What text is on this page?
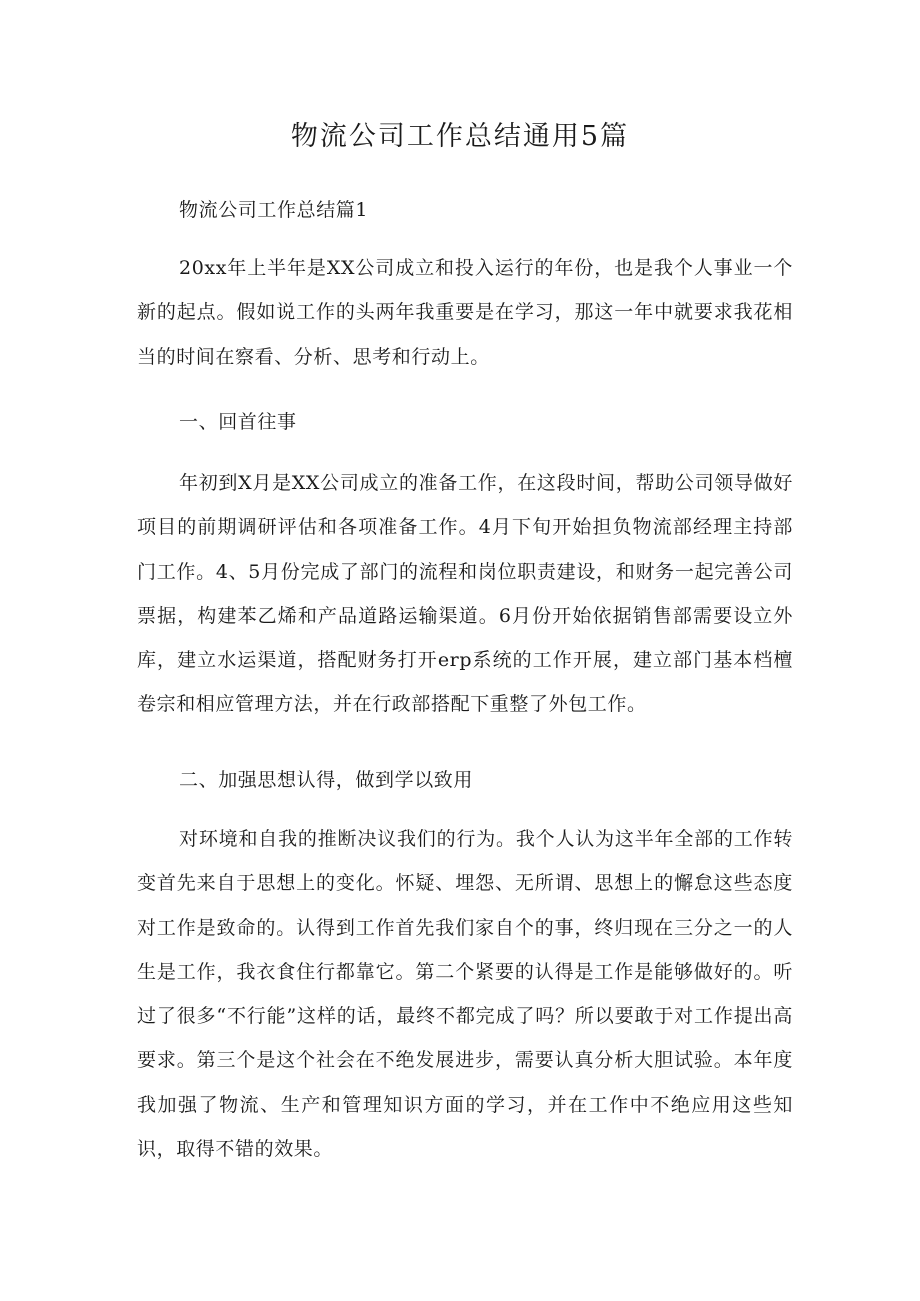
物流公司工作总结通用5篇

物流公司工作总结篇1

20xx年上半年是XX公司成立和投入运行的年份，也是我个人事业一个新的起点。假如说工作的头两年我重要是在学习，那这一年中就要求我花相当的时间在察看、分析、思考和行动上。

一、回首往事

年初到X月是XX公司成立的准备工作，在这段时间，帮助公司领导做好项目的前期调研评估和各项准备工作。4月下旬开始担负物流部经理主持部门工作。4、5月份完成了部门的流程和岗位职责建设，和财务一起完善公司票据，构建苯乙烯和产品道路运输渠道。6月份开始依据销售部需要设立外库，建立水运渠道，搭配财务打开erp系统的工作开展，建立部门基本档檀卷宗和相应管理方法，并在行政部搭配下重整了外包工作。

二、加强思想认得，做到学以致用

对环境和自我的推断决议我们的行为。我个人认为这半年全部的工作转变首先来自于思想上的变化。怀疑、埋怨、无所谓、思想上的懈怠这些态度对工作是致命的。认得到工作首先我们家自个的事，终归现在三分之一的人生是工作，我衣食住行都靠它。第二个紧要的认得是工作是能够做好的。听过了很多“不行能”这样的话，最终不都完成了吗？所以要敢于对工作提出高要求。第三个是这个社会在不绝发展进步，需要认真分析大胆试验。本年度我加强了物流、生产和管理知识方面的学习，并在工作中不绝应用这些知识，取得不错的效果。
